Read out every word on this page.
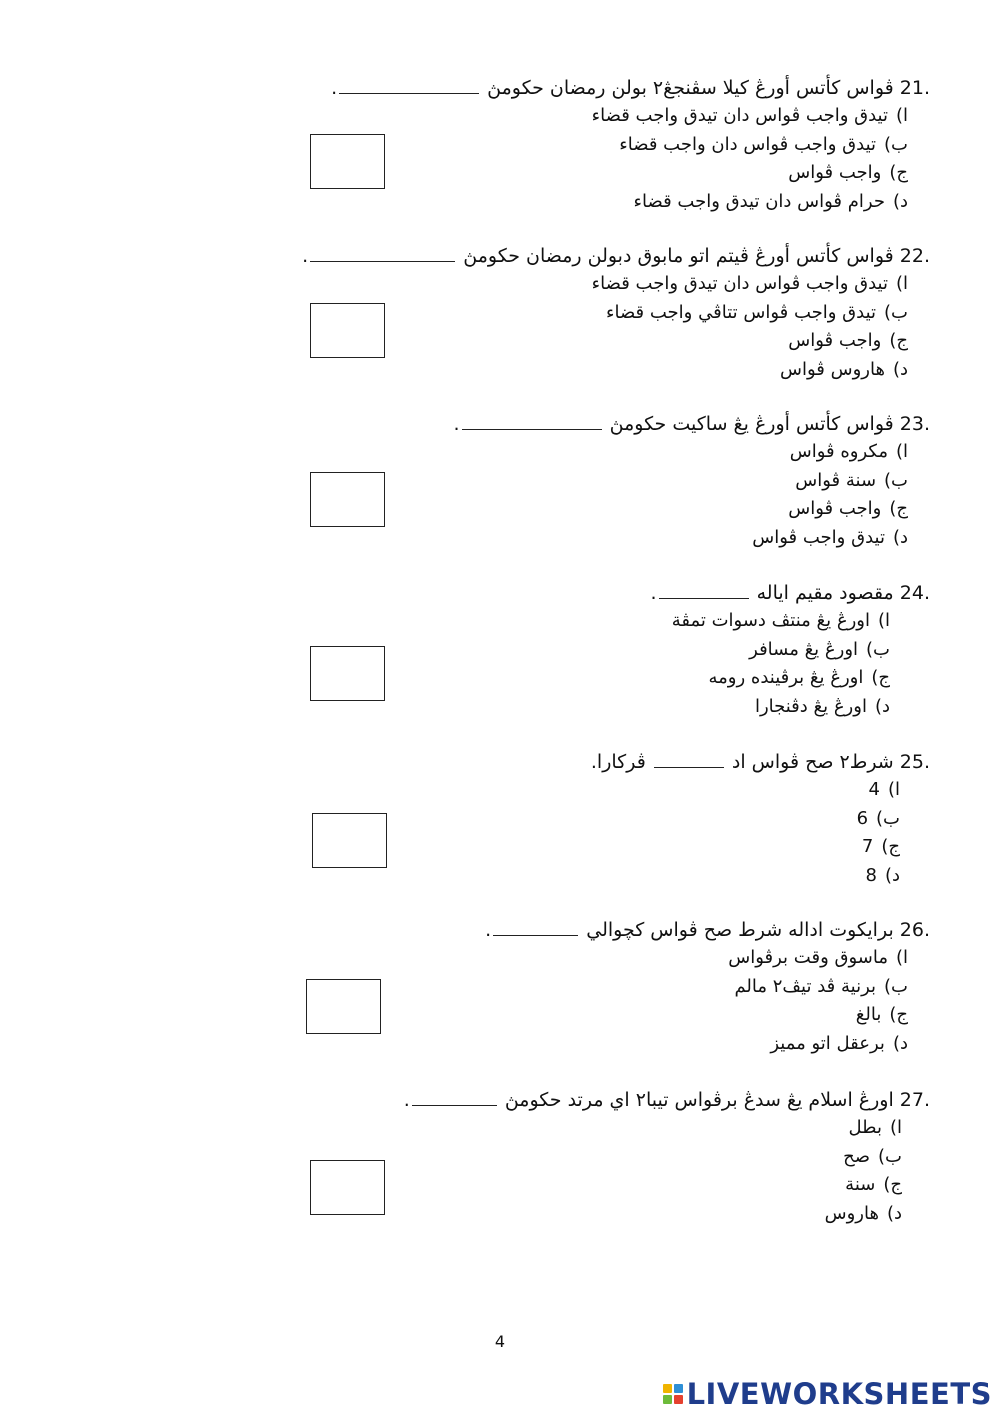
21. ڤواس كأتس أورڠ كيلا سڤنجڠ٢ بولن رمضان حكومڽ .
ا)تيدق واجب ڤواس دان تيدق واجب قضاء
ب)تيدق واجب ڤواس دان واجب قضاء
ج)واجب ڤواس
د)حرام ڤواس دان تيدق واجب قضاء
22. ڤواس كأتس أورڠ ڤيتم اتو مابوق دبولن رمضان حكومڽ .
ا)تيدق واجب ڤواس دان تيدق واجب قضاء
ب)تيدق واجب ڤواس تتاڤي واجب قضاء
ج)واجب ڤواس
د)هاروس ڤواس
23. ڤواس كأتس أورڠ يڠ ساكيت حكومڽ .
ا)مكروه ڤواس
ب)سنة ڤواس
ج)واجب ڤواس
د)تيدق واجب ڤواس
24. مقصود مقيم اياله .
ا)اورڠ يڠ منتڤ دسوات تمڤة
ب)اورڠ يڠ مسافر
ج)اورڠ يڠ برڤينده رومه
د)اورڠ يڠ دڤنجارا
25. شرط٢ صح ڤواس اد  ڤركارا.
ا)4
ب)6
ج)7
د)8
26. برايكوت اداله شرط صح ڤواس كچوالي .
ا)ماسوق وقت برڤواس
ب)برنية ڤد تيڤ٢ مالم
ج)بالغ
د)برعقل اتو مميز
27. اورڠ اسلام يڠ سدڠ برڤواس تيبا٢ اي مرتد حكومڽ .
ا)بطل
ب)صح
ج)سنة
د)هاروس
4
LIVEWORKSHEETS
